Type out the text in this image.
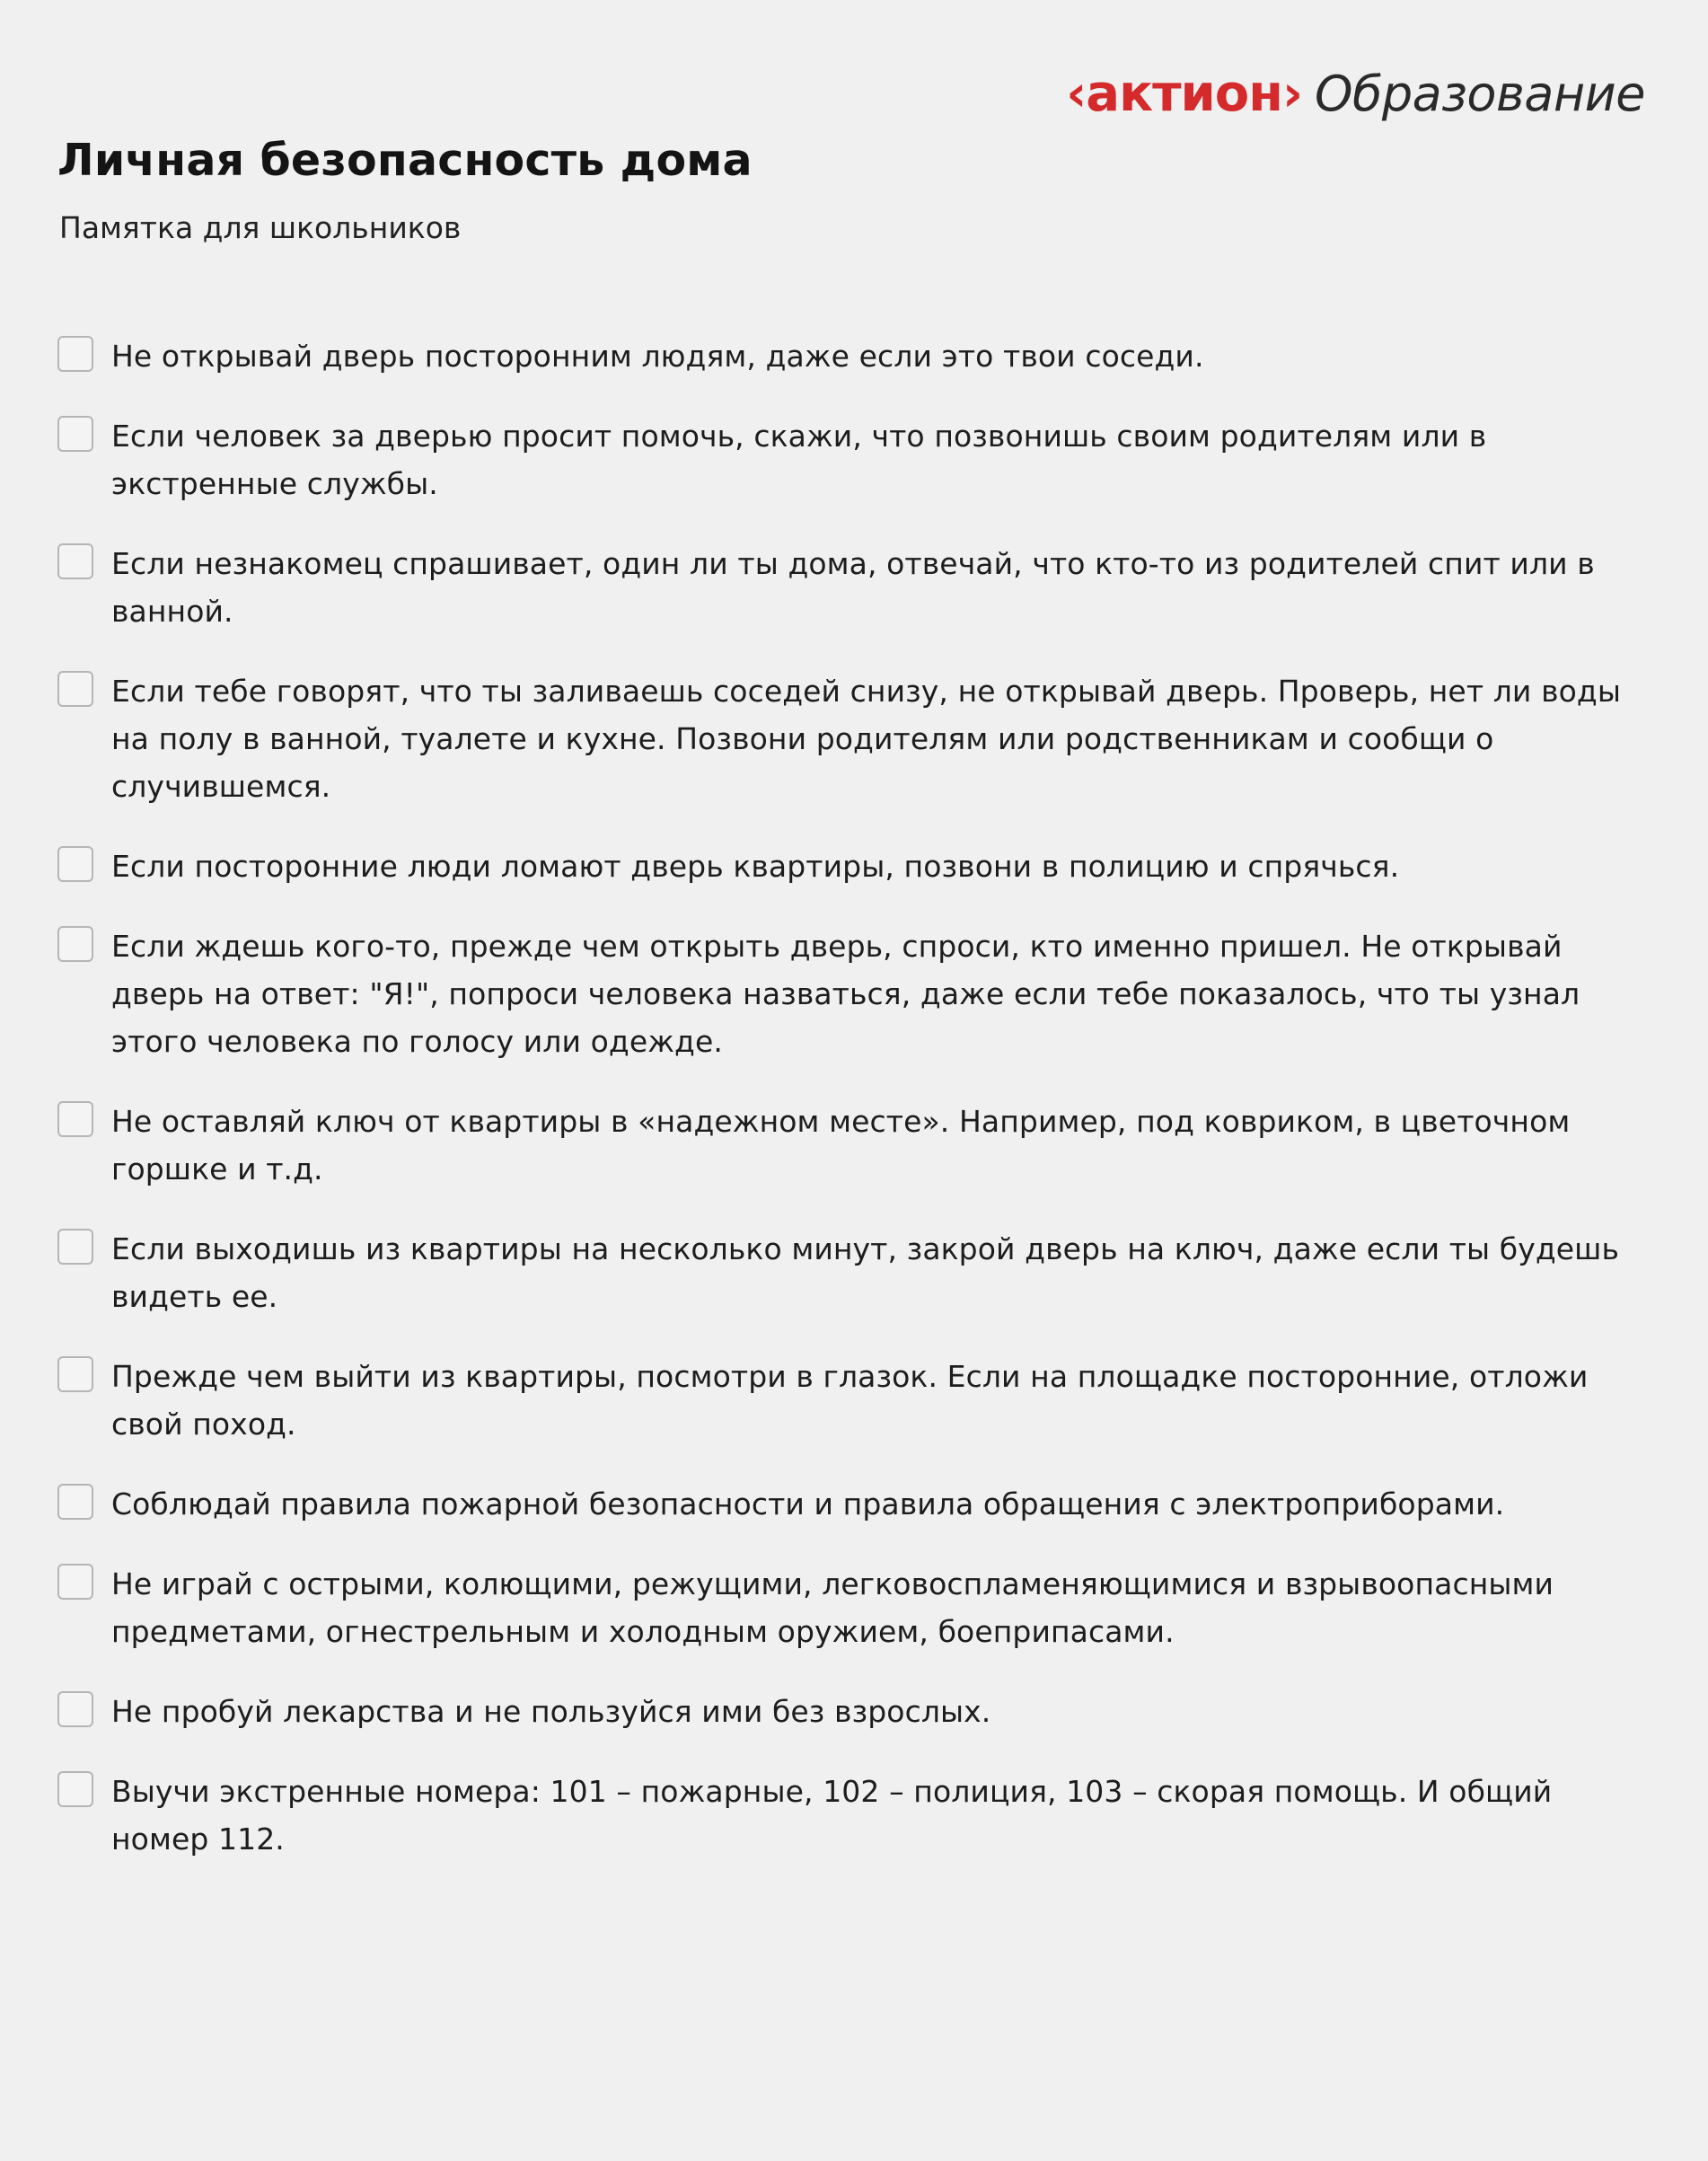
‹актион› Образование
Личная безопасность дома

Памятка для школьников

Не открывай дверь посторонним людям, даже если это твои соседи.
Если человек за дверью просит помочь, скажи, что позвонишь своим родителям или в экстренные службы.
Если незнакомец спрашивает, один ли ты дома, отвечай, что кто-то из родителей спит или в ванной.
Если тебе говорят, что ты заливаешь соседей снизу, не открывай дверь. Проверь, нет ли воды на полу в ванной, туалете и кухне. Позвони родителям или родственникам и сообщи о случившемся.
Если посторонние люди ломают дверь квартиры, позвони в полицию и спрячься.
Если ждешь кого-то, прежде чем открыть дверь, спроси, кто именно пришел. Не открывай дверь на ответ: "Я!", попроси человека назваться, даже если тебе показалось, что ты узнал этого человека по голосу или одежде.
Не оставляй ключ от квартиры в «надежном месте». Например, под ковриком, в цветочном горшке и т.д.
Если выходишь из квартиры на несколько минут, закрой дверь на ключ, даже если ты будешь видеть ее.
Прежде чем выйти из квартиры, посмотри в глазок. Если на площадке посторонние, отложи свой поход.
Соблюдай правила пожарной безопасности и правила обращения с электроприборами.
Не играй с острыми, колющими, режущими, легковоспламеняющимися и взрывоопасными предметами, огнестрельным и холодным оружием, боеприпасами.
Не пробуй лекарства и не пользуйся ими без взрослых.
Выучи экстренные номера: 101 – пожарные, 102 – полиция, 103 – скорая помощь. И общий номер 112.
